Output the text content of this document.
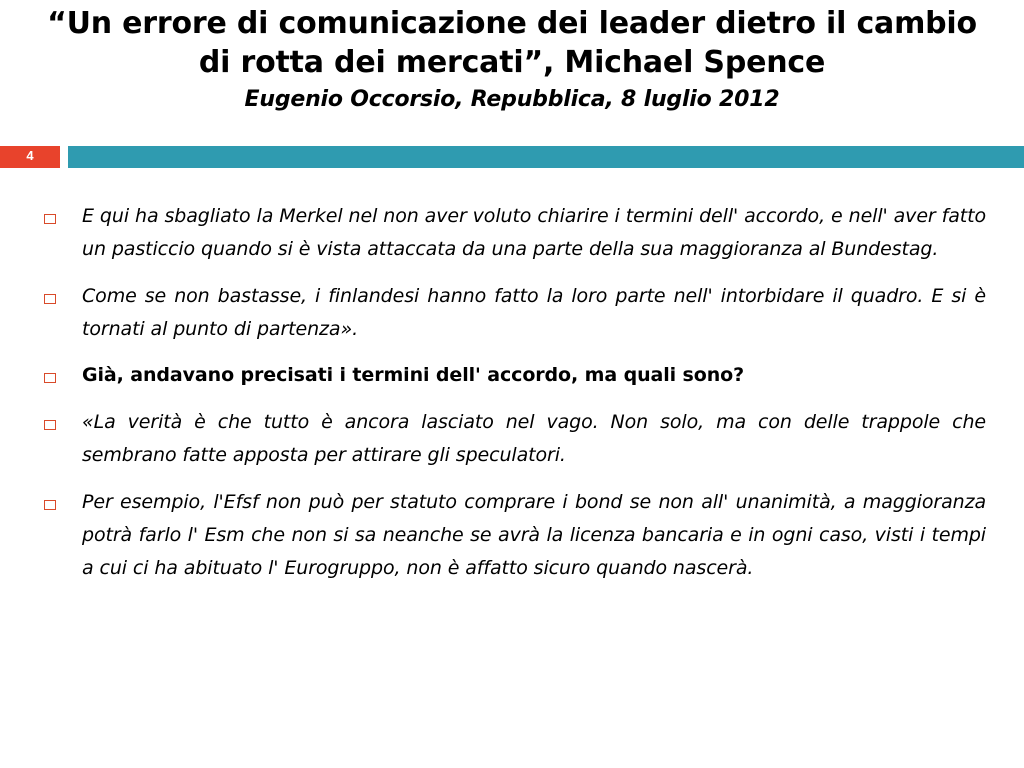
“Un errore di comunicazione dei leader dietro il cambio
di rotta dei mercati”, Michael Spence
Eugenio Occorsio, Repubblica, 8 luglio 2012
4
E qui ha sbagliato la Merkel nel non aver voluto chiarire i termini dell' accordo, e nell' aver fatto un pasticcio quando si è vista attaccata da una parte della sua maggioranza al Bundestag.
Come se non bastasse, i finlandesi hanno fatto la loro parte nell' intorbidare il quadro. E si è tornati al punto di partenza».
Già, andavano precisati i termini dell' accordo, ma quali sono?
«La verità è che tutto è ancora lasciato nel vago. Non solo, ma con delle trappole che sembrano fatte apposta per attirare gli speculatori.
Per esempio, l'Efsf non può per statuto comprare i bond se non all' unanimità, a maggioranza potrà farlo l' Esm che non si sa neanche se avrà la licenza bancaria e in ogni caso, visti i tempi a cui ci ha abituato l' Eurogruppo, non è affatto sicuro quando nascerà.
